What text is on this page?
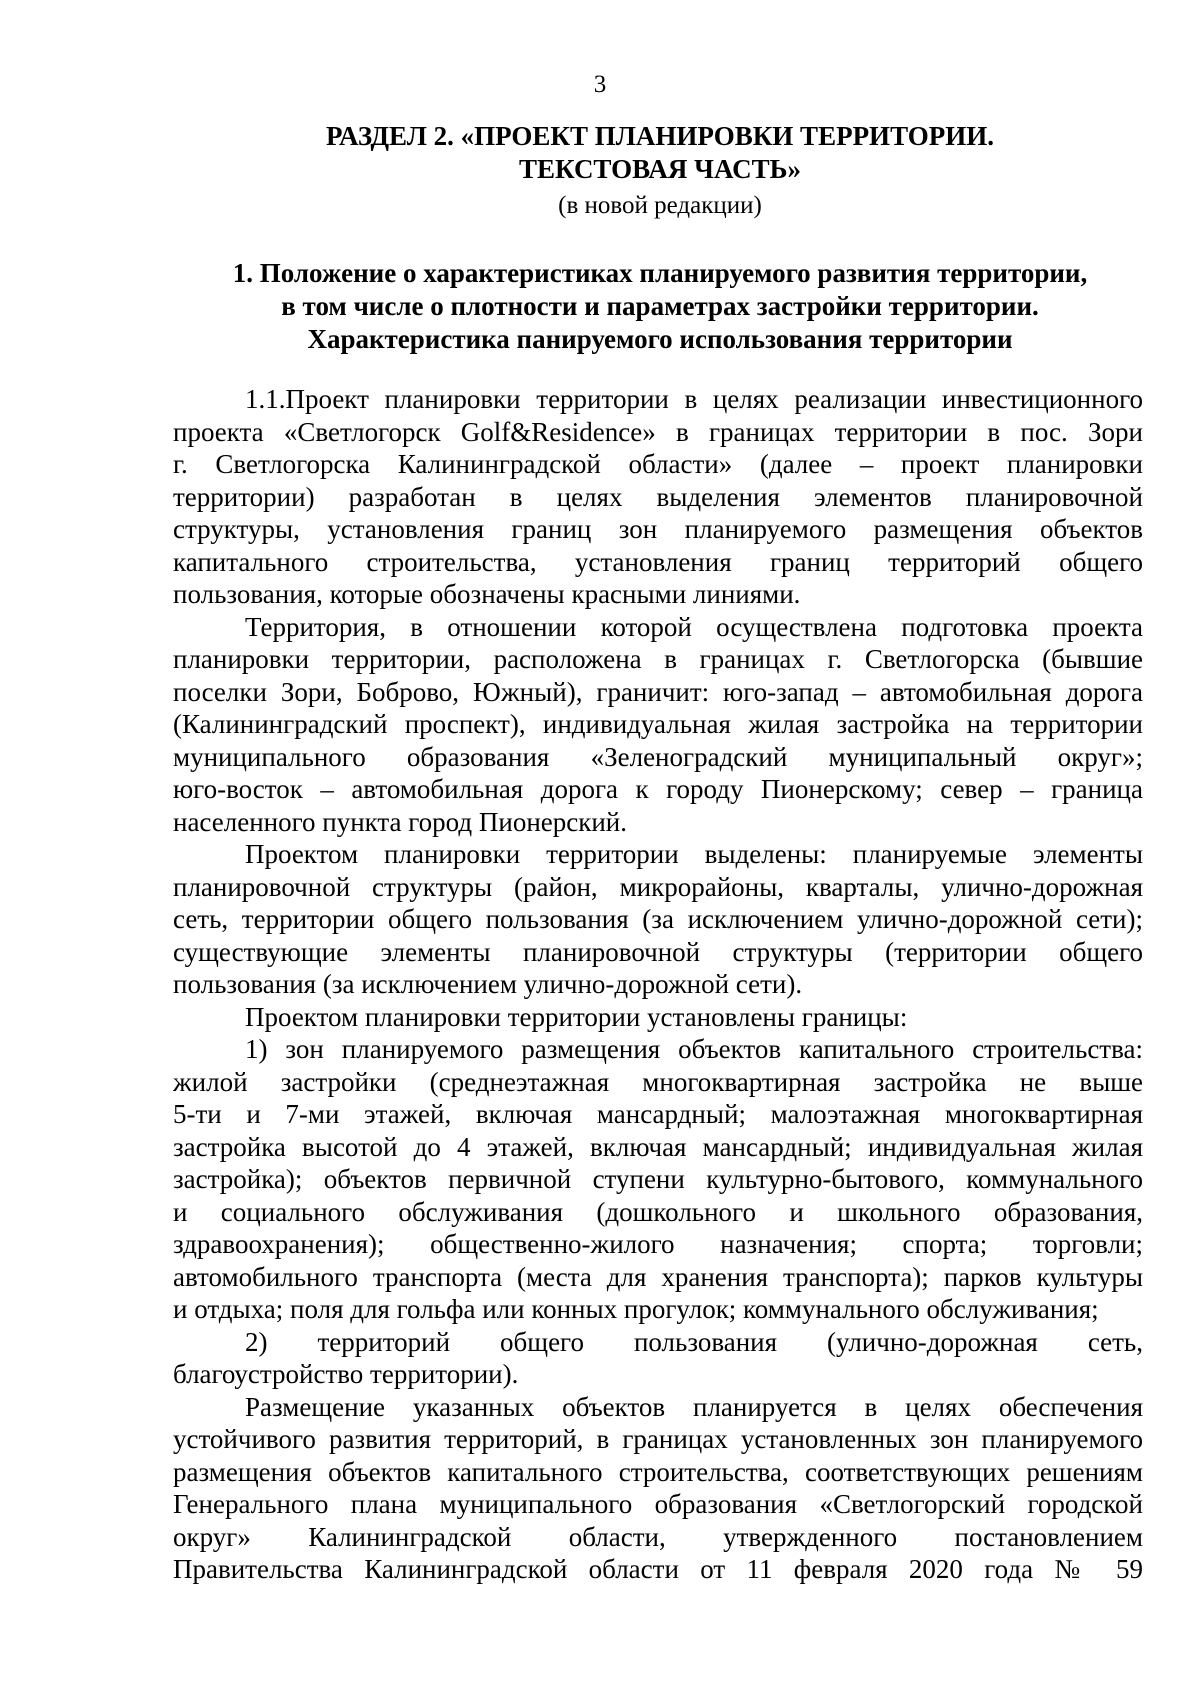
3
РАЗДЕЛ 2. «ПРОЕКТ ПЛАНИРОВКИ ТЕРРИТОРИИ.
ТЕКСТОВАЯ ЧАСТЬ»
(в новой редакции)
1. Положение о характеристиках планируемого развития территории,
в том числе о плотности и параметрах застройки территории.
Характеристика панируемого использования территории
1.1.Проект планировки территории в целях реализации инвестиционного
проекта «Светлогорск Golf&Residence» в границах территории в пос. Зори
г. Светлогорска Калининградской области» (далее – проект планировки
территории) разработан в целях выделения элементов планировочной
структуры, установления границ зон планируемого размещения объектов
капитального строительства, установления границ территорий общего
пользования, которые обозначены красными линиями.
Территория, в отношении которой осуществлена подготовка проекта
планировки территории, расположена в границах г. Светлогорска (бывшие
поселки Зори, Боброво, Южный), граничит: юго-запад – автомобильная дорога
(Калининградский проспект), индивидуальная жилая застройка на территории
муниципального образования «Зеленоградский муниципальный округ»;
юго-восток – автомобильная дорога к городу Пионерскому; север – граница
населенного пункта город Пионерский.
Проектом планировки территории выделены: планируемые элементы
планировочной структуры (район, микрорайоны, кварталы, улично-дорожная
сеть, территории общего пользования (за исключением улично-дорожной сети);
существующие элементы планировочной структуры (территории общего
пользования (за исключением улично-дорожной сети).
Проектом планировки территории установлены границы:
1) зон планируемого размещения объектов капитального строительства:
жилой застройки (среднеэтажная многоквартирная застройка не выше
5-ти и 7-ми этажей, включая мансардный; малоэтажная многоквартирная
застройка высотой до 4 этажей, включая мансардный; индивидуальная жилая
застройка); объектов первичной ступени культурно-бытового, коммунального
и социального обслуживания (дошкольного и школьного образования,
здравоохранения); общественно-жилого назначения; спорта; торговли;
автомобильного транспорта (места для хранения транспорта); парков культуры
и отдыха; поля для гольфа или конных прогулок; коммунального обслуживания;
2) территорий общего пользования (улично-дорожная сеть,
благоустройство территории).
Размещение указанных объектов планируется в целях обеспечения
устойчивого развития территорий, в границах установленных зон планируемого
размещения объектов капитального строительства, соответствующих решениям
Генерального плана муниципального образования «Светлогорский городской
округ» Калининградской области, утвержденного постановлением
Правительства Калининградской области от 11 февраля 2020 года № 59
